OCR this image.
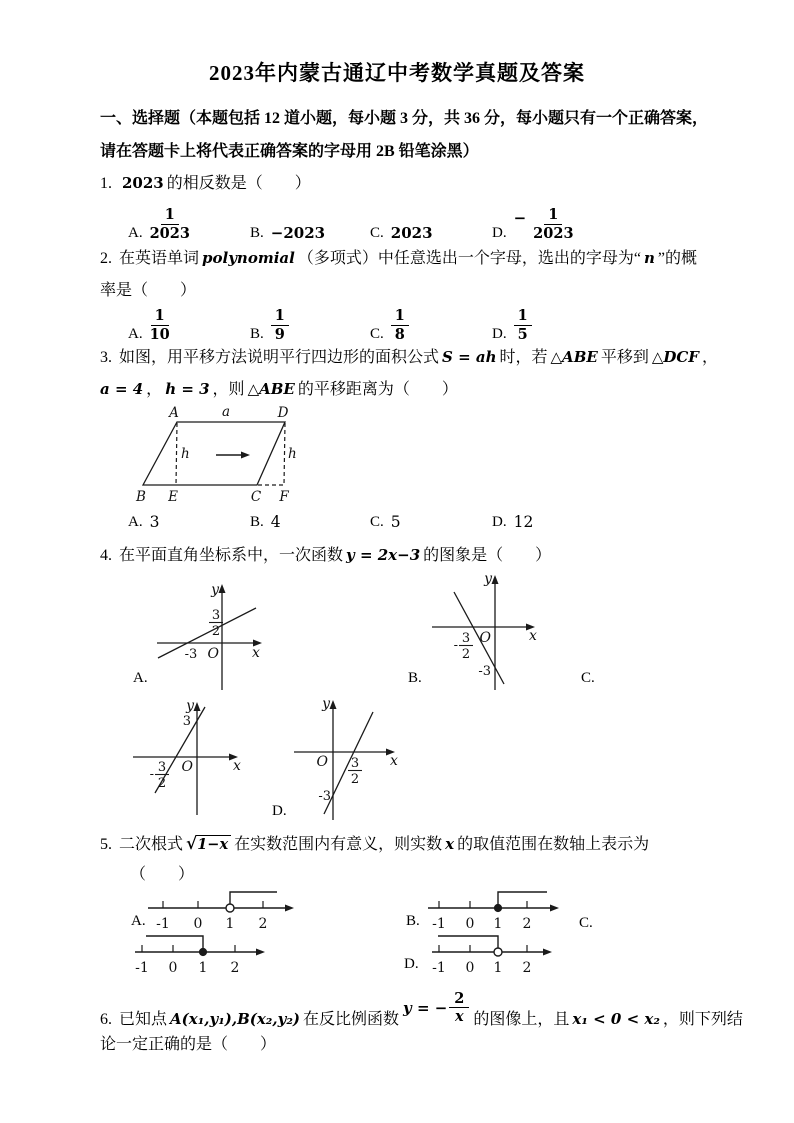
2023年内蒙古通辽中考数学真题及答案
一、选择题（本题包括 12 道小题，每小题 3 分，共 36 分，每小题只有一个正确答案，
请在答题卡上将代表正确答案的字母用 2B 铅笔涂黑）
1. 2023 的相反数是（　　）
A. $\frac{1}{2023}$	B. −2023	C. 2023	D.
− $\frac{1}{2023}$
2. 在英语单词 polynomial （多项式）中任意选出一个字母，选出的字母为“ n ”的概
率是（　　）
A. $\frac{1}{10}$	B. $\frac{1}{9}$	C. $\frac{1}{8}$	D. $\frac{1}{5}$
3. 如图，用平移方法说明平行四边形的面积公式 S = ah 时，若 △ABE 平移到 △DCF ，
a = 4 ， h = 3 ，则 △ABE 的平移距离为（　　）
A	a	D
h	h
B E	C F
A. 3	B. 4	C. 5	D. 12
4. 在平面直角坐标系中，一次函数 y = 2x−3 的图象是（　　）
y
x
O
-3
3
2
y
x
O
- 3
2
-3
A.	B.	C.
y
x
O
3
- 3
2
y
x
O 3
2
-3
D.
5. 二次根式 √1−x 在实数范围内有意义，则实数 x 的取值范围在数轴上表示为
（　　）
-1 0 1 2	-1 0 1 2
A.	B.	C.
-1 0 1 2	-1 0 1 2
D.
6. 已知点 A(x₁,y₁),B(x₂,y₂) 在反比例函数
y = − $\frac{2}{x}$ 的图像上，且 x₁ < 0 < x₂ ，则下列结
论一定正确的是（　　）
